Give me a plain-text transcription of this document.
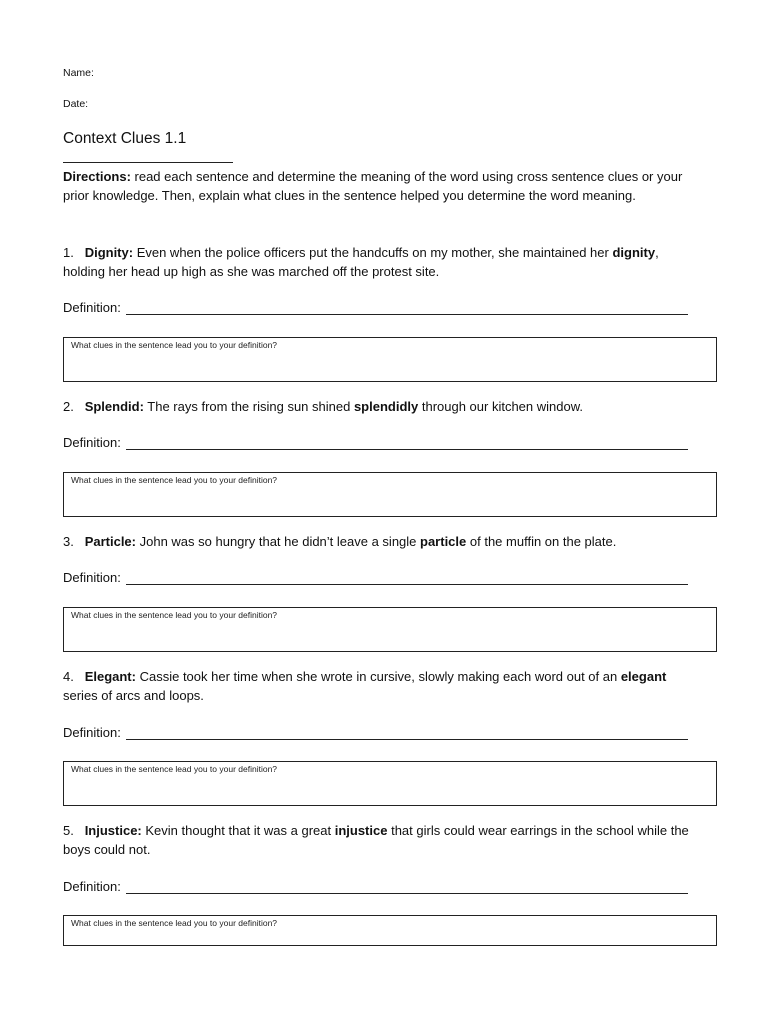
Name:
Date:
Context Clues 1.1
Directions: read each sentence and determine the meaning of the word using cross sentence clues or your prior knowledge. Then, explain what clues in the sentence helped you determine the word meaning.
1. Dignity: Even when the police officers put the handcuffs on my mother, she maintained her dignity, holding her head up high as she was marched off the protest site.
Definition:
What clues in the sentence lead you to your definition?
2. Splendid: The rays from the rising sun shined splendidly through our kitchen window.
Definition:
What clues in the sentence lead you to your definition?
3. Particle: John was so hungry that he didn’t leave a single particle of the muffin on the plate.
Definition:
What clues in the sentence lead you to your definition?
4. Elegant: Cassie took her time when she wrote in cursive, slowly making each word out of an elegant series of arcs and loops.
Definition:
What clues in the sentence lead you to your definition?
5. Injustice: Kevin thought that it was a great injustice that girls could wear earrings in the school while the boys could not.
Definition:
What clues in the sentence lead you to your definition?
